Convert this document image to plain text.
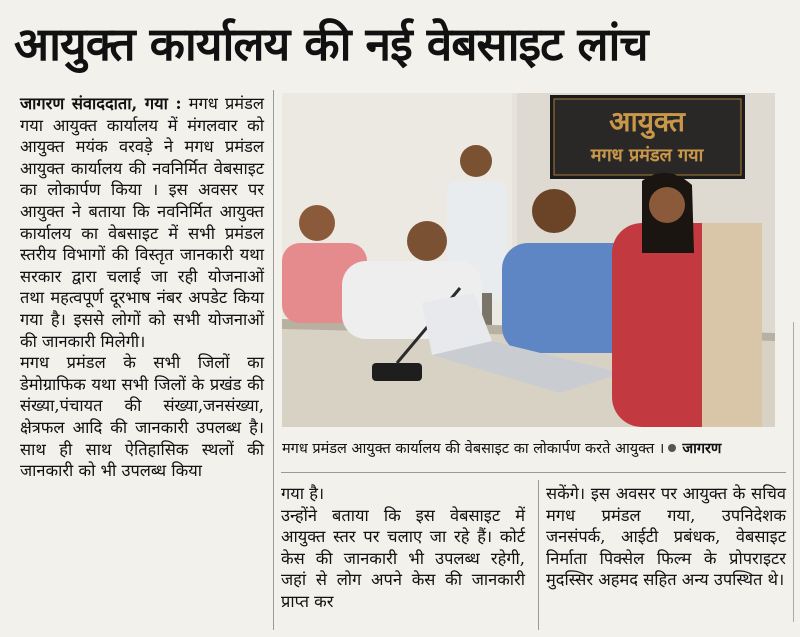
आयुक्त कार्यालय की नई वेबसाइट लांच

जागरण संवाददाता, गया : मगध प्रमंडल गया आयुक्त कार्यालय में मंगलवार को आयुक्त मयंक वरवड़े ने मगध प्रमंडल आयुक्त कार्यालय की नवनिर्मित वेबसाइट का लोकार्पण किया । इस अवसर पर आयुक्त ने बताया कि नवनिर्मित आयुक्त कार्यालय का वेबसाइट में सभी प्रमंडल स्तरीय विभागों की विस्तृत जानकारी यथा सरकार द्वारा चलाई जा रही योजनाओं तथा महत्वपूर्ण दूरभाष नंबर अपडेट किया गया है। इससे लोगों को सभी योजनाओं की जानकारी मिलेगी।

मगध प्रमंडल के सभी जिलों का डेमोग्राफिक यथा सभी जिलों के प्रखंड की संख्या,पंचायत की संख्या,जनसंख्या, क्षेत्रफल आदि की जानकारी उपलब्ध है। साथ ही साथ ऐतिहासिक स्थलों की जानकारी को भी उपलब्ध किया

आयुक्त
मगध प्रमंडल गया
मगध प्रमंडल आयुक्त कार्यालय की वेबसाइट का लोकार्पण करते आयुक्त । जागरण

गया है।

उन्होंने बताया कि इस वेबसाइट में आयुक्त स्तर पर चलाए जा रहे हैं। कोर्ट केस की जानकारी भी उपलब्ध रहेगी, जहां से लोग अपने केस की जानकारी प्राप्त कर

सकेंगे। इस अवसर पर आयुक्त के सचिव मगध प्रमंडल गया, उपनिदेशक जनसंपर्क, आईटी प्रबंधक, वेबसाइट निर्माता पिक्सेल फिल्म के प्रोपराइटर मुदस्सिर अहमद सहित अन्य उपस्थित थे।
